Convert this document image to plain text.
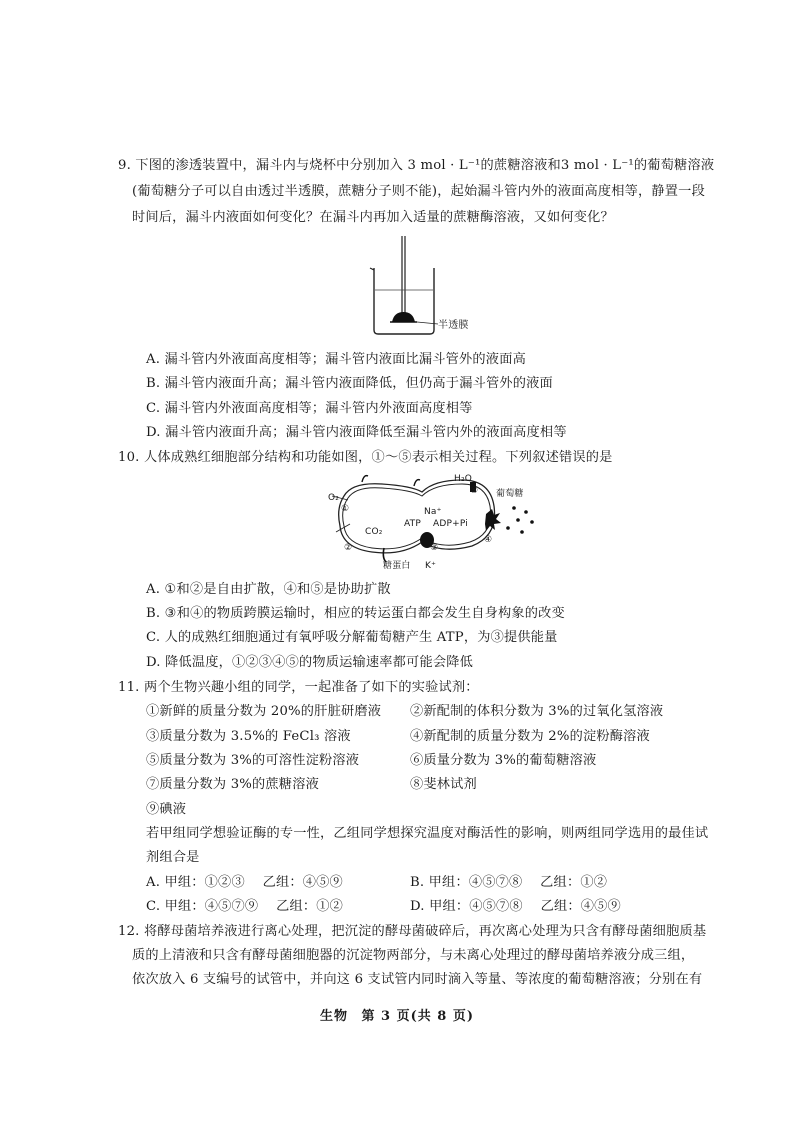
9. 下图的渗透装置中，漏斗内与烧杯中分别加入 3 mol · L⁻¹的蔗糖溶液和3 mol · L⁻¹的葡萄糖溶液
(葡萄糖分子可以自由透过半透膜，蔗糖分子则不能)，起始漏斗管内外的液面高度相等，静置一段
时间后，漏斗内液面如何变化？在漏斗内再加入适量的蔗糖酶溶液，又如何变化？
半透膜
A. 漏斗管内外液面高度相等；漏斗管内液面比漏斗管外的液面高
B. 漏斗管内液面升高；漏斗管内液面降低，但仍高于漏斗管外的液面
C. 漏斗管内外液面高度相等；漏斗管内外液面高度相等
D. 漏斗管内液面升高；漏斗管内液面降低至漏斗管内外的液面高度相等
10. 人体成熟红细胞部分结构和功能如图，①～⑤表示相关过程。下列叙述错误的是
H₂O
O₂
①
CO₂
②
Na⁺
ATP ADP+Pi
⑤
④
③
葡萄糖
糖蛋白 K⁺
A. ①和②是自由扩散，④和⑤是协助扩散
B. ③和④的物质跨膜运输时，相应的转运蛋白都会发生自身构象的改变
C. 人的成熟红细胞通过有氧呼吸分解葡萄糖产生 ATP，为③提供能量
D. 降低温度，①②③④⑤的物质运输速率都可能会降低
11. 两个生物兴趣小组的同学，一起准备了如下的实验试剂：
①新鲜的质量分数为 20%的肝脏研磨液
③质量分数为 3.5%的 FeCl₃ 溶液
⑤质量分数为 3%的可溶性淀粉溶液
⑦质量分数为 3%的蔗糖溶液
⑨碘液
②新配制的体积分数为 3%的过氧化氢溶液
④新配制的质量分数为 2%的淀粉酶溶液
⑥质量分数为 3%的葡萄糖溶液
⑧斐林试剂
若甲组同学想验证酶的专一性，乙组同学想探究温度对酶活性的影响，则两组同学选用的最佳试
剂组合是
A. 甲组：①②③　 乙组：④⑤⑨
C. 甲组：④⑤⑦⑨　 乙组：①②
B. 甲组：④⑤⑦⑧　 乙组：①②
D. 甲组：④⑤⑦⑧　 乙组：④⑤⑨
12. 将酵母菌培养液进行离心处理，把沉淀的酵母菌破碎后，再次离心处理为只含有酵母菌细胞质基
质的上清液和只含有酵母菌细胞器的沉淀物两部分，与未离心处理过的酵母菌培养液分成三组，
依次放入 6 支编号的试管中，并向这 6 支试管内同时滴入等量、等浓度的葡萄糖溶液；分别在有
生物 第 3 页(共 8 页)
